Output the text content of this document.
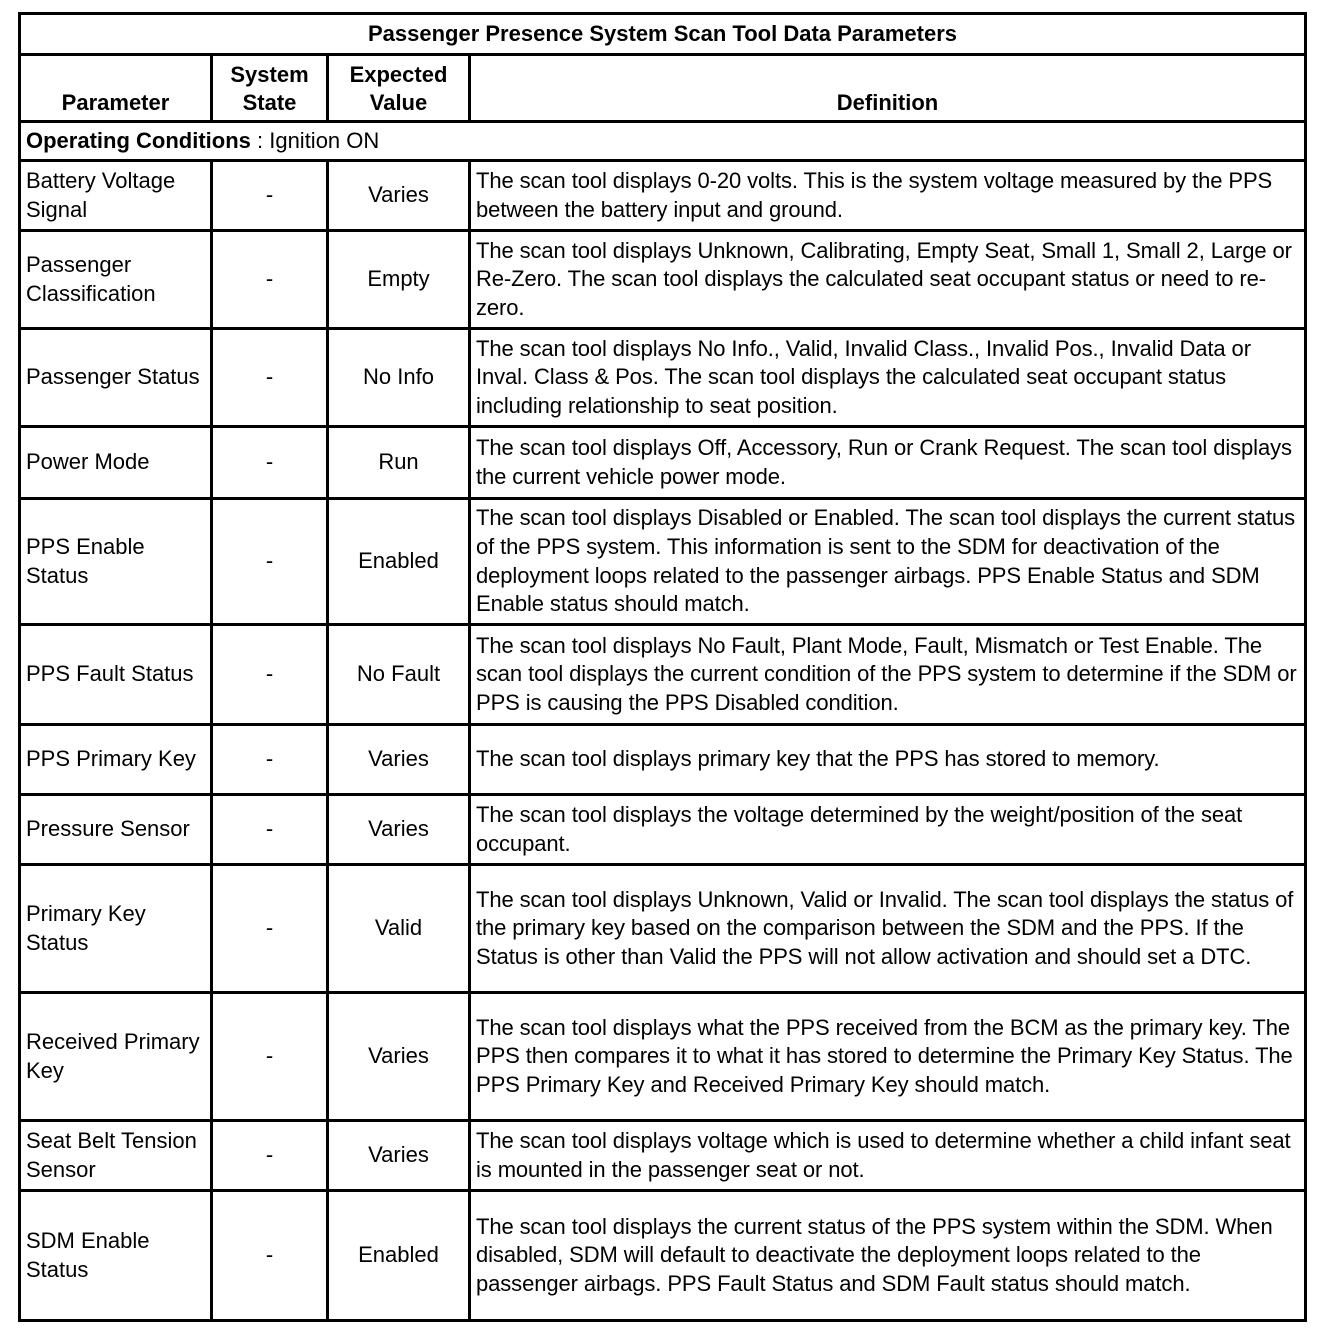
Passenger Presence System Scan Tool Data Parameters			
Parameter	System State	Expected Value	Definition
Operating Conditions : Ignition ON			
Battery Voltage Signal	-	Varies	The scan tool displays 0-20 volts. This is the system voltage measured by the PPS between the battery input and ground.
Passenger Classification	-	Empty	The scan tool displays Unknown, Calibrating, Empty Seat, Small 1, Small 2, Large or Re-Zero. The scan tool displays the calculated seat occupant status or need to re-zero.
Passenger Status	-	No Info	The scan tool displays No Info., Valid, Invalid Class., Invalid Pos., Invalid Data or Inval. Class & Pos. The scan tool displays the calculated seat occupant status including relationship to seat position.
Power Mode	-	Run	The scan tool displays Off, Accessory, Run or Crank Request. The scan tool displays the current vehicle power mode.
PPS Enable Status	-	Enabled	The scan tool displays Disabled or Enabled. The scan tool displays the current status of the PPS system. This information is sent to the SDM for deactivation of the deployment loops related to the passenger airbags. PPS Enable Status and SDM Enable status should match.
PPS Fault Status	-	No Fault	The scan tool displays No Fault, Plant Mode, Fault, Mismatch or Test Enable. The scan tool displays the current condition of the PPS system to determine if the SDM or PPS is causing the PPS Disabled condition.
PPS Primary Key	-	Varies	The scan tool displays primary key that the PPS has stored to memory.
Pressure Sensor	-	Varies	The scan tool displays the voltage determined by the weight/position of the seat occupant.
Primary Key Status	-	Valid	The scan tool displays Unknown, Valid or Invalid. The scan tool displays the status of the primary key based on the comparison between the SDM and the PPS. If the Status is other than Valid the PPS will not allow activation and should set a DTC.
Received Primary Key	-	Varies	The scan tool displays what the PPS received from the BCM as the primary key. The PPS then compares it to what it has stored to determine the Primary Key Status. The PPS Primary Key and Received Primary Key should match.
Seat Belt Tension Sensor	-	Varies	The scan tool displays voltage which is used to determine whether a child infant seat is mounted in the passenger seat or not.
SDM Enable Status	-	Enabled	The scan tool displays the current status of the PPS system within the SDM. When disabled, SDM will default to deactivate the deployment loops related to the passenger airbags. PPS Fault Status and SDM Fault status should match.
